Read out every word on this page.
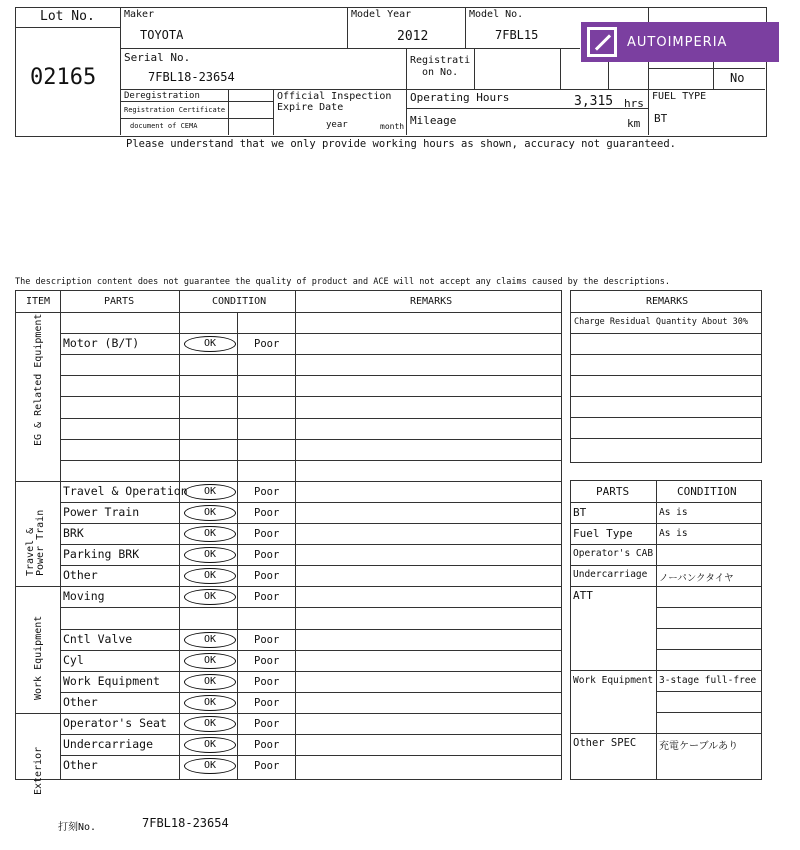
Lot No.
02165
Maker
TOYOTA
Model Year
2012
Model No.
7FBL15
Serial No.
7FBL18-23654
Registrati
on No.	No
Deregistration
Registration Certificate
document of CEMA
Official Inspection
Expire Date
year	month
Operating Hours	3,315 hrs
Mileage	km
FUEL TYPE
BT
Please understand that we only provide working hours as shown, accuracy not guaranteed.
AUTOIMPERIA
The description content does not guarantee the quality of product and ACE will not accept any claims caused by the descriptions.
ITEM	PARTS	CONDITION	REMARKS
Motor (B/T)	OK	Poor
EG & Related Equipment
Travel & Operation	OK	Poor
Power Train	OK	Poor
BRK	OK	Poor
Parking BRK	OK	Poor
Other	OK	Poor
Travel & Power Train
Moving	OK	Poor
Cntl Valve	OK	Poor
Cyl	OK	Poor
Work Equipment	OK	Poor
Other	OK	Poor
Work Equipment
Operator's Seat	OK	Poor
Undercarriage	OK	Poor
Other	OK	Poor
Exterior
REMARKS
Charge Residual Quantity About 30%
PARTS	CONDITION
BT	As is
Fuel Type	As is
Operator's CAB
Undercarriage ノーパンクタイヤ
ATT
Work Equipment 3-stage full-free
Other SPEC 充電ケーブルあり
打刻No.	7FBL18-23654
